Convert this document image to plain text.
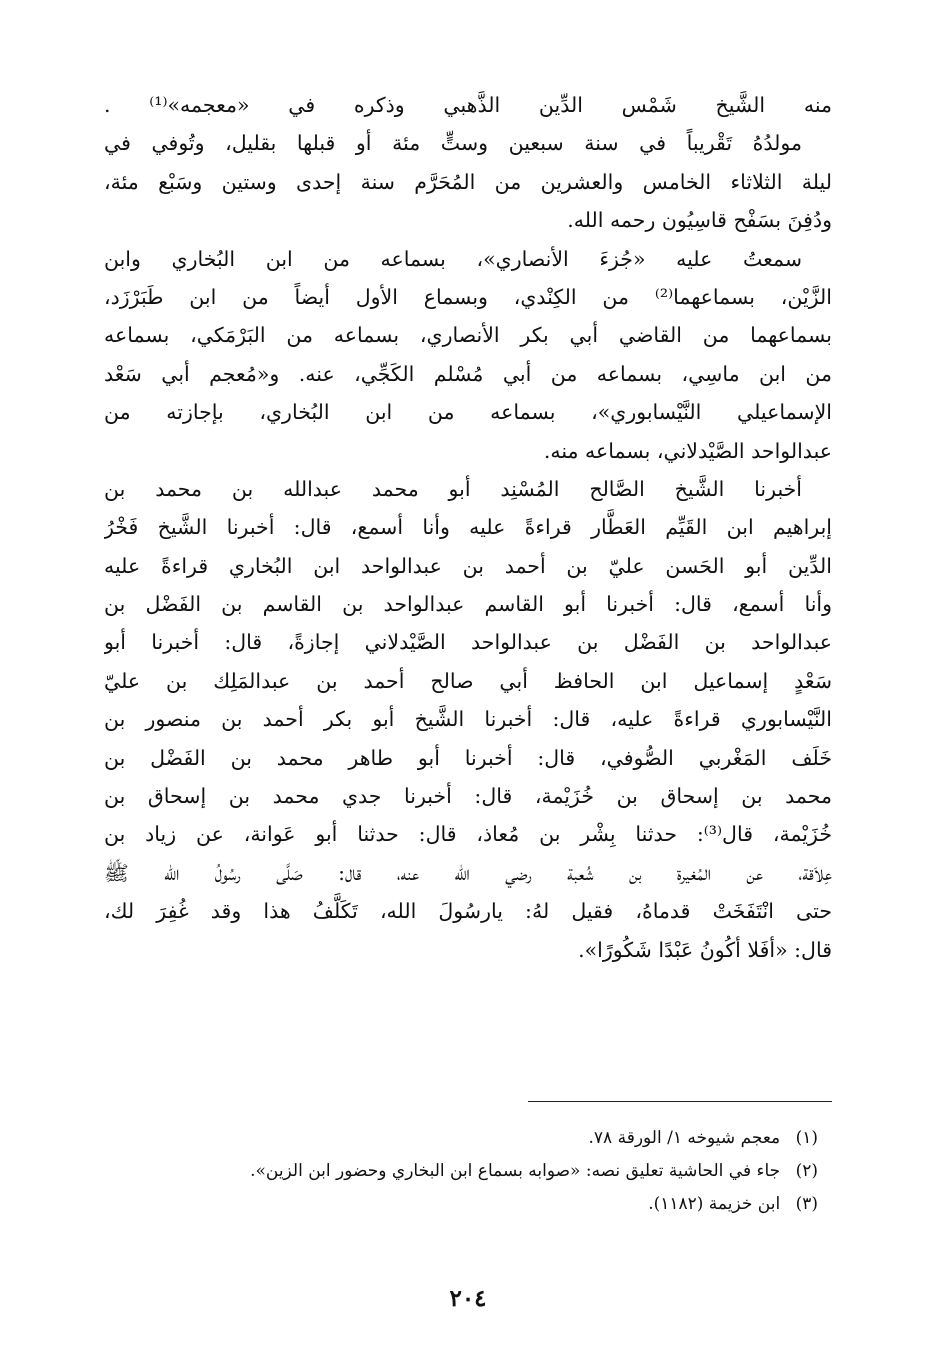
منه الشَّيخ شَمْس الدِّين الذَّهبي وذكره في «معجمه»⁽¹⁾ .
مولدُهُ تَقْريباً في سنة سبعين وستٍّ مئة أو قبلها بقليل، وتُوفي في
ليلة الثلاثاء الخامس والعشرين من المُحَرَّم سنة إحدى وستين وسَبْع مئة،
ودُفِنَ بسَفْح قاسِيُون رحمه الله.
سمعتُ عليه «جُزءَ الأنصاري»، بسماعه من ابن البُخاري وابن
الزَّيْن، بسماعهما⁽²⁾ من الكِنْدي، وبسماع الأول أيضاً من ابن طَبَرْزَد،
بسماعهما من القاضي أبي بكر الأنصاري، بسماعه من البَرْمَكي، بسماعه
من ابن ماسِي، بسماعه من أبي مُسْلم الكَجِّي، عنه. و«مُعجم أبي سَعْد
الإسماعيلي النَّيْسابوري»، بسماعه من ابن البُخاري، بإجازته من
عبدالواحد الصَّيْدلاني، بسماعه منه.
أخبرنا الشَّيخ الصَّالح المُسْنِد أبو محمد عبدالله بن محمد بن
إبراهيم ابن القَيِّم العَطَّار قراءةً عليه وأنا أسمع، قال: أخبرنا الشَّيخ فَخْرُ
الدِّين أبو الحَسن عليّ بن أحمد بن عبدالواحد ابن البُخاري قراءةً عليه
وأنا أسمع، قال: أخبرنا أبو القاسم عبدالواحد بن القاسم بن الفَضْل بن
عبدالواحد بن الفَضْل بن عبدالواحد الصَّيْدلاني إجازةً، قال: أخبرنا أبو
سَعْدٍ إسماعيل ابن الحافظ أبي صالح أحمد بن عبدالمَلِك بن عليّ
النَّيْسابوري قراءةً عليه، قال: أخبرنا الشَّيخ أبو بكر أحمد بن منصور بن
خَلَف المَغْربي الصُّوفي، قال: أخبرنا أبو طاهر محمد بن الفَضْل بن
محمد بن إسحاق بن خُزَيْمة، قال: أخبرنا جدي محمد بن إسحاق بن
خُزَيْمة، قال⁽³⁾: حدثنا بِشْر بن مُعاذ، قال: حدثنا أبو عَوانة، عن زياد بن
عِلاَقة، عن المُغيرة بن شُعبة رضي الله عنه، قال: صَلَّى رسُولُ الله ﷺ
حتى انْتَفَخَتْ قدماهُ، فقيل لهُ: يارسُولَ الله، تَكَلَّفُ هذا وقد غُفِرَ لك،
قال: «أفَلا أكُونُ عَبْدًا شَكُورًا».
(١) معجم شيوخه ١/ الورقة ٧٨.
(٢) جاء في الحاشية تعليق نصه: «صوابه بسماع ابن البخاري وحضور ابن الزين».
(٣) ابن خزيمة (١١٨٢).
٢٠٤
